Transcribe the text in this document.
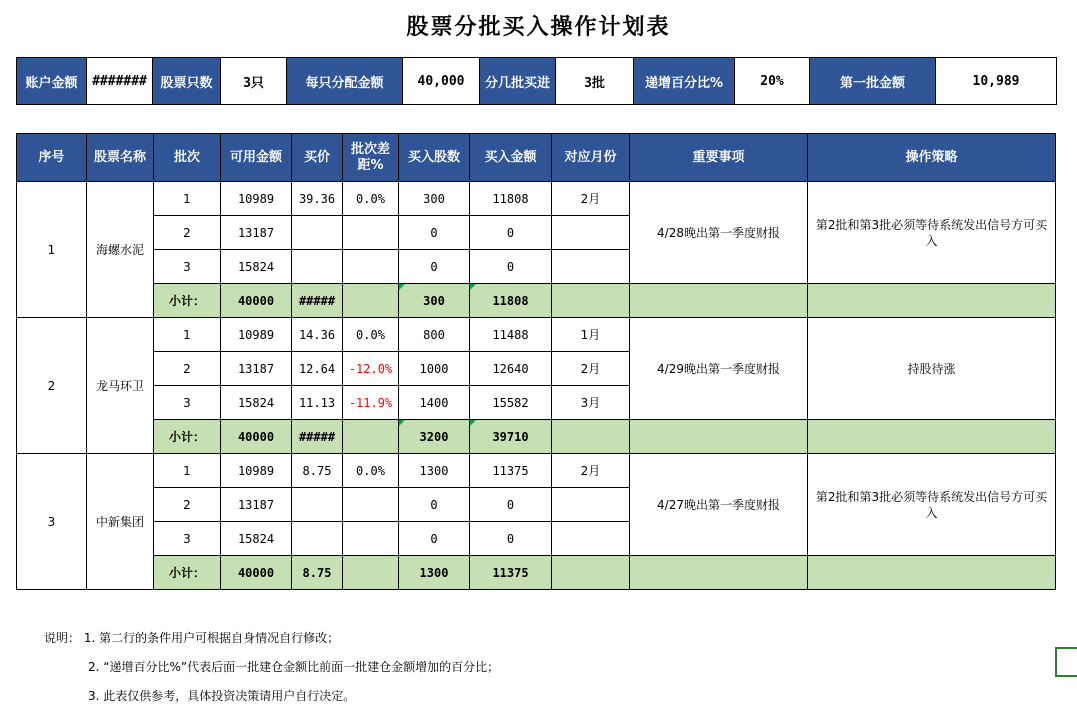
股票分批买入操作计划表
账户金额	#######	股票只数	3只	每只分配金额	40,000	分几批买进	3批	递增百分比%	20%	第一批金额	10,989
序号	股票名称	批次	可用金额	买价	批次差距%	买入股数	买入金额	对应月份	重要事项	操作策略
1	海螺水泥	1	10989	39.36	0.0%	300	11808	2月	4/28晚出第一季度财报	第2批和第3批必须等待系统发出信号方可买入
		2	13187			0	0			
		3	15824			0	0			
		小计：	40000	#####		300	11808			
2	龙马环卫	1	10989	14.36	0.0%	800	11488	1月	4/29晚出第一季度财报	持股待涨
		2	13187	12.64	-12.0%	1000	12640	2月		
		3	15824	11.13	-11.9%	1400	15582	3月		
		小计：	40000	#####		3200	39710			
3	中新集团	1	10989	8.75	0.0%	1300	11375	2月	4/27晚出第一季度财报	第2批和第3批必须等待系统发出信号方可买入
		2	13187			0	0			
		3	15824			0	0			
		小计：	40000	8.75		1300	11375			
说明： 1. 第二行的条件用户可根据自身情况自行修改；
2. “递增百分比%”代表后面一批建仓金额比前面一批建仓金额增加的百分比；
3. 此表仅供参考，具体投资决策请用户自行决定。
